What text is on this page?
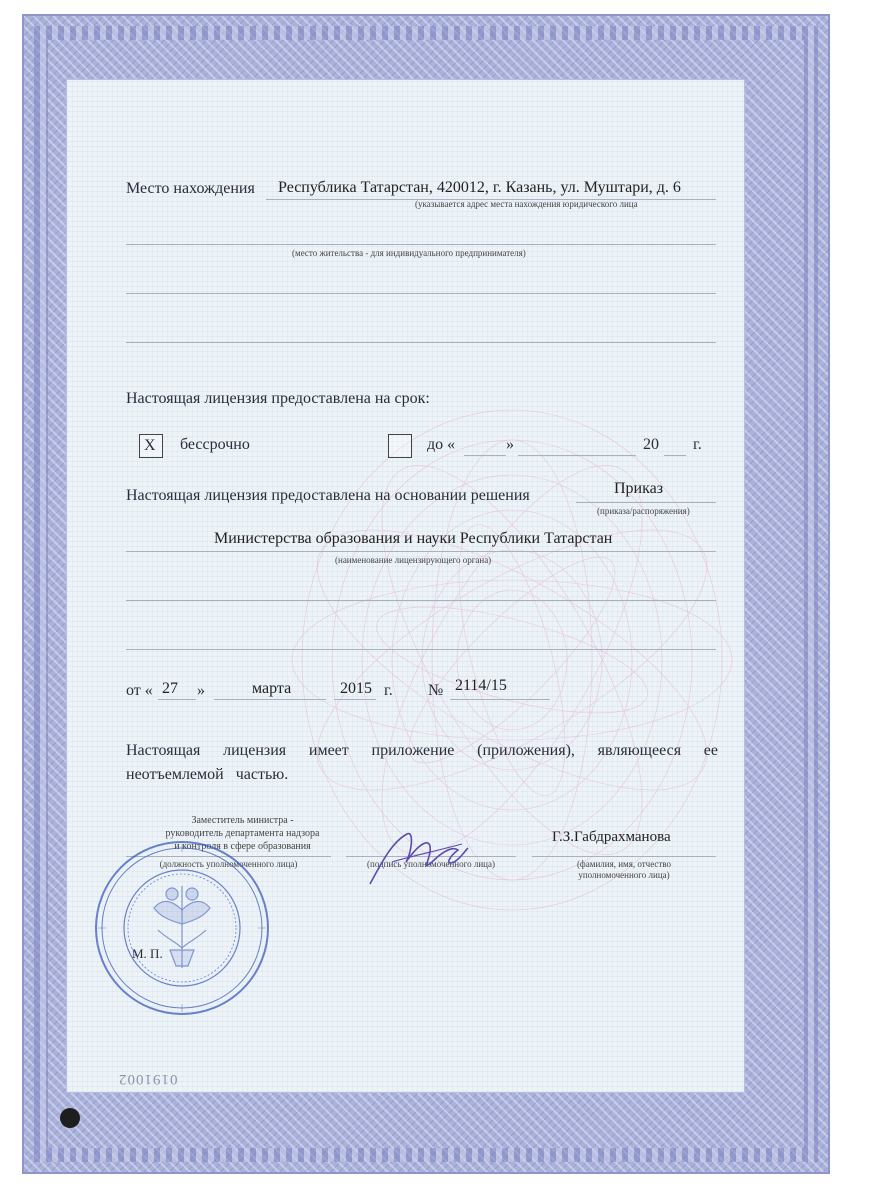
Место нахождения Республика Татарстан, 420012, г. Казань, ул. Муштари, д. 6
(указывается адрес места нахождения юридического лица
(место жительства - для индивидуального предпринимателя)
Настоящая лицензия предоставлена на срок:
X бессрочно	до «	»	20 г.
Настоящая лицензия предоставлена на основании решения	Приказ
(приказа/распоряжения)
Министерства образования и науки Республики Татарстан
(наименование лицензирующего органа)
от « 27 »	марта	2015 г. № 2114/15
Настоящая лицензия имеет приложение (приложения), являющееся ее
неотъемлемой частью.
Заместитель министра -
руководитель департамента надзора
и контроля в сфере образования
(должность уполномоченного лица)	(подпись уполномоченного лица)
Г.З.Габдрахманова
(фамилия, имя, отчество
уполномоченного лица)
М. П.
0191002
